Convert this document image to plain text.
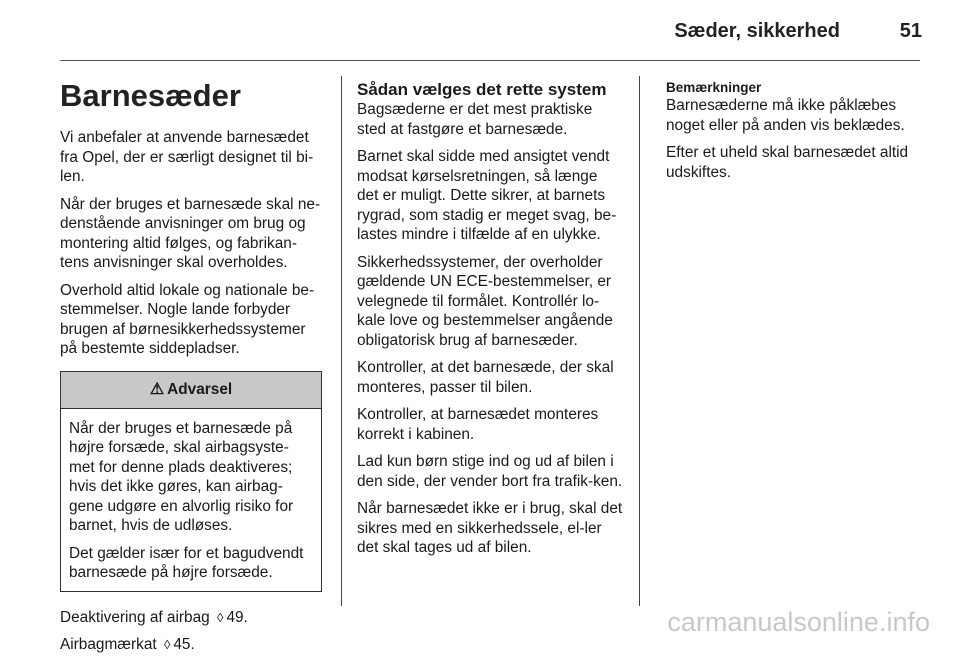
Sæder, sikkerhed	51
Barnesæder

Vi anbefaler at anvende barnesædet fra Opel, der er særligt designet til bi-len.

Når der bruges et barnesæde skal ne-denstående anvisninger om brug og montering altid følges, og fabrikan-tens anvisninger skal overholdes.

Overhold altid lokale og nationale be-stemmelser. Nogle lande forbyder brugen af børnesikkerhedssystemer på bestemte siddepladser.

⚠ Advarsel

Når der bruges et barnesæde på højre forsæde, skal airbagsyste-met for denne plads deaktiveres; hvis det ikke gøres, kan airbag-gene udgøre en alvorlig risiko for barnet, hvis de udløses.

Det gælder især for et bagudvendt barnesæde på højre forsæde.

Deaktivering af airbag ◊ 49.

Airbagmærkat ◊ 45.

Sådan vælges det rette system

Bagsæderne er det mest praktiske sted at fastgøre et barnesæde.

Barnet skal sidde med ansigtet vendt modsat kørselsretningen, så længe det er muligt. Dette sikrer, at barnets rygrad, som stadig er meget svag, be-lastes mindre i tilfælde af en ulykke.

Sikkerhedssystemer, der overholder gældende UN ECE-bestemmelser, er velegnede til formålet. Kontrollér lo-kale love og bestemmelser angående obligatorisk brug af barnesæder.

Kontroller, at det barnesæde, der skal monteres, passer til bilen.

Kontroller, at barnesædet monteres korrekt i kabinen.

Lad kun børn stige ind og ud af bilen i den side, der vender bort fra trafik-ken.

Når barnesædet ikke er i brug, skal det sikres med en sikkerhedssele, el-ler det skal tages ud af bilen.

Bemærkninger

Barnesæderne må ikke påklæbes noget eller på anden vis beklædes.

Efter et uheld skal barnesædet altid udskiftes.

carmanualsonline.info
